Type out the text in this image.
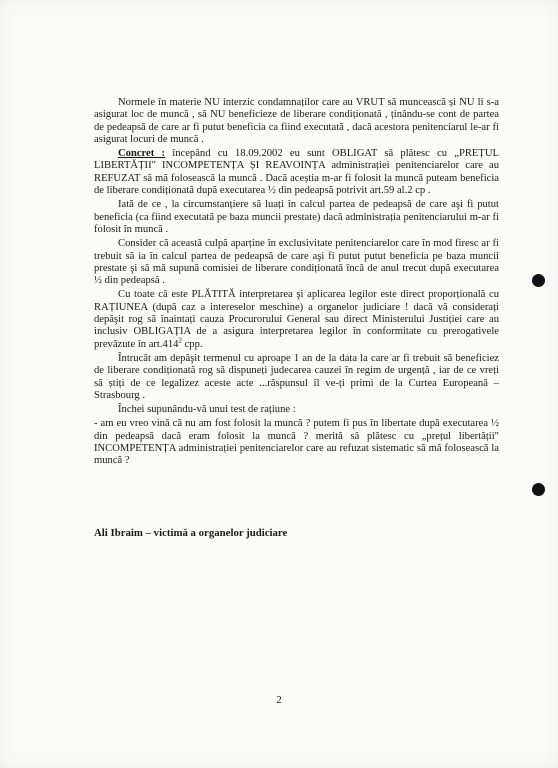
Normele în materie NU interzic condamnaților care au VRUT să muncească și NU li s-a asigurat loc de muncă , să NU beneficieze de liberare condiționată , ținându-se cont de partea de pedeapsă de care ar fi putut beneficia ca fiind executată , dacă acestora penitenciarul le-ar fi asigurat locuri de muncă .

Concret : începând cu 18.09.2002 eu sunt OBLIGAT să plătesc cu „PREȚUL LIBERTĂȚII" INCOMPETENȚA ȘI REAVOINȚA administrației penitenciarelor care au REFUZAT să mă folosească la muncă . Dacă aceștia m-ar fi folosit la muncă puteam beneficia de liberare condiționată după executarea ½ din pedeapsă potrivit art.59 al.2 cp .

Iată de ce , la circumstanțiere să luați în calcul partea de pedeapsă de care aşi fi putut beneficia (ca fiind executată pe baza muncii prestate) dacă administrația penitenciarului m-ar fi folosit în muncă .

Consider că această culpă aparține în exclusivitate penitenciarelor care în mod firesc ar fi trebuit să ia în calcul partea de pedeapsă de care aşi fi putut putut beneficia pe baza muncii prestate şi să mă supună comisiei de liberare condiționată încă de anul trecut după executarea ½ din pedeapsă .

Cu toate că este PLĂTITĂ interpretarea şi aplicarea legilor este direct proporțională cu RAȚIUNEA (după caz a intereselor meschine) a organelor judiciare ! dacă vă considerați depăşit rog să înaintați cauza Procurorului General sau direct Ministerului Justiției care au inclusiv OBLIGAȚIA de a asigura interpretarea legilor în conformitate cu prerogativele prevăzute în art.414$^2$ cpp.

Întrucât am depăşit termenul cu aproape 1 an de la data la care ar fi trebuit să beneficiez de liberare condiționată rog să dispuneți judecarea cauzei în regim de urgență , iar de ce vreți să știți de ce legalizez aceste acte ...răspunsul îl ve-ți primi de la Curtea Europeană – Strasbourg .

Închei supunându-vă unui test de rațiune :

- am eu vreo vină că nu am fost folosit la muncă ? putem fi pus în libertate după executarea ½ din pedeapsă dacă eram folosit la muncă ? merită să plătesc cu „prețul libertății" INCOMPETENȚA administrației penitenciarelor care au refuzat sistematic să mă folosească la muncă ?

Ali Ibraim – victimă a organelor judiciare
2
